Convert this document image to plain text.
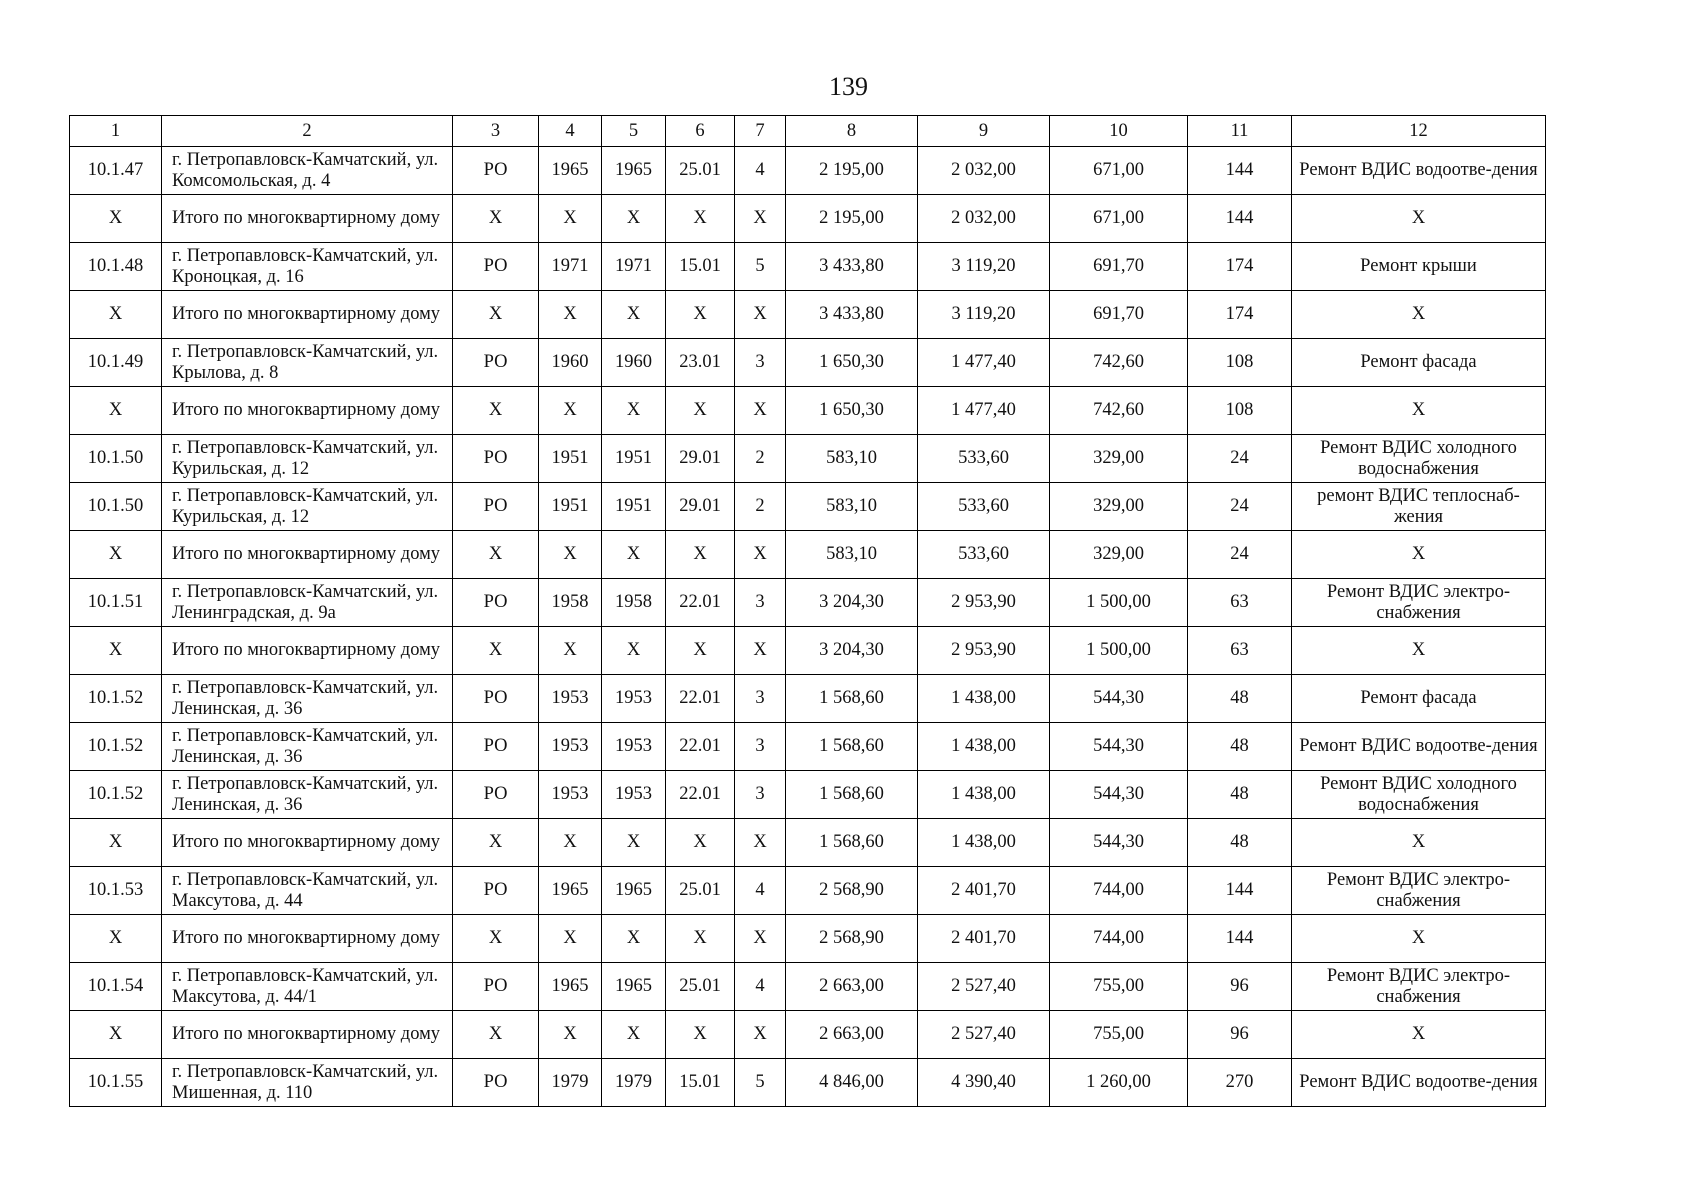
139
1	2	3	4	5	6	7	8	9	10	11	12
10.1.47	г. Петропавловск-Камчатский, ул. Комсомольская, д. 4	РО	1965	1965	25.01	4	2 195,00	2 032,00	671,00	144	Ремонт ВДИС водоотве-дения
Х	Итого по многоквартирному дому	Х	Х	Х	Х	Х	2 195,00	2 032,00	671,00	144	Х
10.1.48	г. Петропавловск-Камчатский, ул. Кроноцкая, д. 16	РО	1971	1971	15.01	5	3 433,80	3 119,20	691,70	174	Ремонт крыши
Х	Итого по многоквартирному дому	Х	Х	Х	Х	Х	3 433,80	3 119,20	691,70	174	Х
10.1.49	г. Петропавловск-Камчатский, ул. Крылова, д. 8	РО	1960	1960	23.01	3	1 650,30	1 477,40	742,60	108	Ремонт фасада
Х	Итого по многоквартирному дому	Х	Х	Х	Х	Х	1 650,30	1 477,40	742,60	108	Х
10.1.50	г. Петропавловск-Камчатский, ул. Курильская, д. 12	РО	1951	1951	29.01	2	583,10	533,60	329,00	24	Ремонт ВДИС холодного водоснабжения
10.1.50	г. Петропавловск-Камчатский, ул. Курильская, д. 12	РО	1951	1951	29.01	2	583,10	533,60	329,00	24	ремонт ВДИС теплоснаб-жения
Х	Итого по многоквартирному дому	Х	Х	Х	Х	Х	583,10	533,60	329,00	24	Х
10.1.51	г. Петропавловск-Камчатский, ул. Ленинградская, д. 9а	РО	1958	1958	22.01	3	3 204,30	2 953,90	1 500,00	63	Ремонт ВДИС электро-снабжения
Х	Итого по многоквартирному дому	Х	Х	Х	Х	Х	3 204,30	2 953,90	1 500,00	63	Х
10.1.52	г. Петропавловск-Камчатский, ул. Ленинская, д. 36	РО	1953	1953	22.01	3	1 568,60	1 438,00	544,30	48	Ремонт фасада
10.1.52	г. Петропавловск-Камчатский, ул. Ленинская, д. 36	РО	1953	1953	22.01	3	1 568,60	1 438,00	544,30	48	Ремонт ВДИС водоотве-дения
10.1.52	г. Петропавловск-Камчатский, ул. Ленинская, д. 36	РО	1953	1953	22.01	3	1 568,60	1 438,00	544,30	48	Ремонт ВДИС холодного водоснабжения
Х	Итого по многоквартирному дому	Х	Х	Х	Х	Х	1 568,60	1 438,00	544,30	48	Х
10.1.53	г. Петропавловск-Камчатский, ул. Максутова, д. 44	РО	1965	1965	25.01	4	2 568,90	2 401,70	744,00	144	Ремонт ВДИС электро-снабжения
Х	Итого по многоквартирному дому	Х	Х	Х	Х	Х	2 568,90	2 401,70	744,00	144	Х
10.1.54	г. Петропавловск-Камчатский, ул. Максутова, д. 44/1	РО	1965	1965	25.01	4	2 663,00	2 527,40	755,00	96	Ремонт ВДИС электро-снабжения
Х	Итого по многоквартирному дому	Х	Х	Х	Х	Х	2 663,00	2 527,40	755,00	96	Х
10.1.55	г. Петропавловск-Камчатский, ул. Мишенная, д. 110	РО	1979	1979	15.01	5	4 846,00	4 390,40	1 260,00	270	Ремонт ВДИС водоотве-дения
